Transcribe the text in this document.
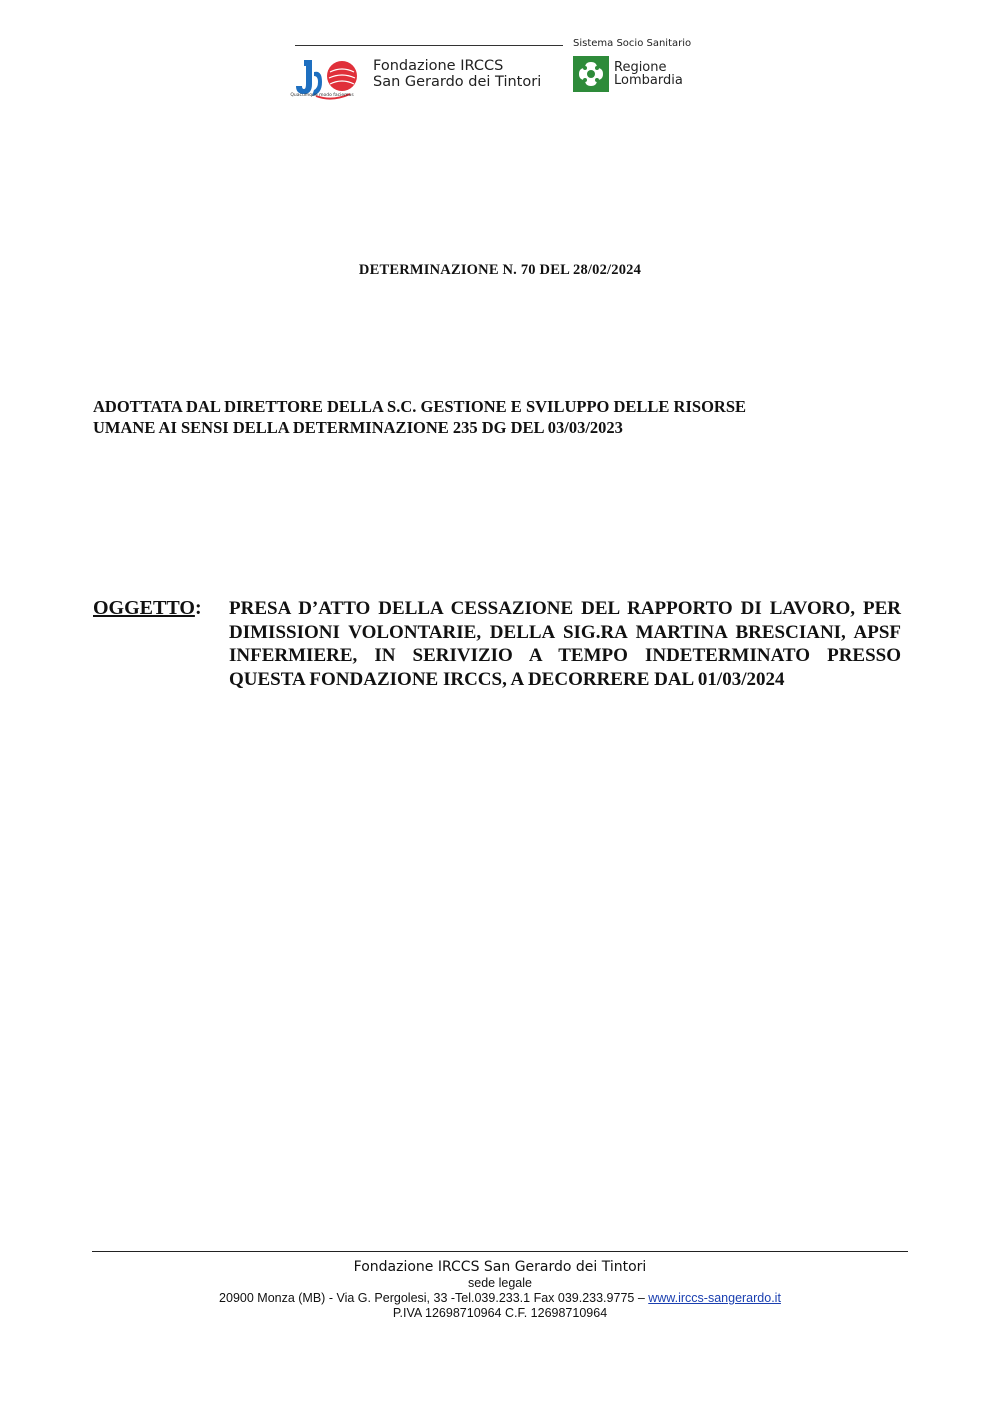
Sistema Socio Sanitario
Quacumque modo faciemus
Fondazione IRCCS
San Gerardo dei Tintori
Regione
Lombardia
DETERMINAZIONE N. 70 DEL 28/02/2024
ADOTTATA DAL DIRETTORE DELLA S.C. GESTIONE E SVILUPPO DELLE RISORSE
UMANE AI SENSI DELLA DETERMINAZIONE 235 DG DEL 03/03/2023
OGGETTO : PRESA D’ATTO DELLA CESSAZIONE DEL RAPPORTO DI LAVORO, PER DIMISSIONI VOLONTARIE, DELLA SIG.RA MARTINA BRESCIANI, APSF INFERMIERE, IN SERIVIZIO A TEMPO INDETERMINATO PRESSO QUESTA FONDAZIONE IRCCS, A DECORRERE DAL 01/03/2024
Fondazione IRCCS San Gerardo dei Tintori
sede legale
20900 Monza (MB) - Via G. Pergolesi, 33 -Tel.039.233.1 Fax 039.233.9775 – www.irccs-sangerardo.it
P.IVA 12698710964 C.F. 12698710964
